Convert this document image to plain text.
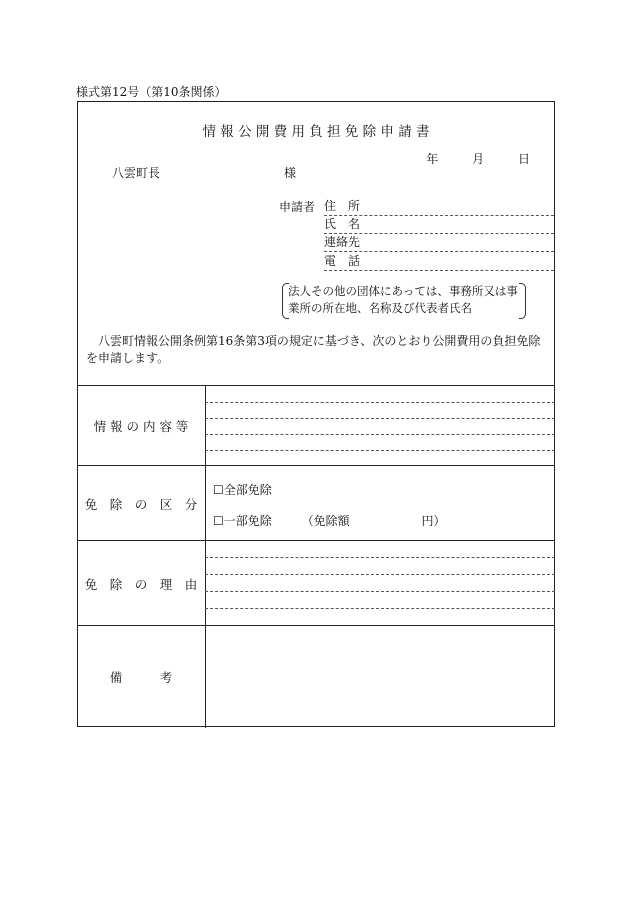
様式第12号（第10条関係）
情 報 公 開 費 用 負 担 免 除 申 請 書
年	月	日
八雲町長	様
申請者 住　所
氏　名
連絡先
電　話
法人その他の団体にあっては、事務所又は事業所の所在地、名称及び代表者氏名
八雲町情報公開条例第16条第3項の規定に基づき、次のとおり公開費用の負担免除を申請します。
情 報 の 内 容 等
免　除　の　区　分
☐全部免除
☐一部免除 （免除額	円）
免　除　の　理　由
備　　　考
